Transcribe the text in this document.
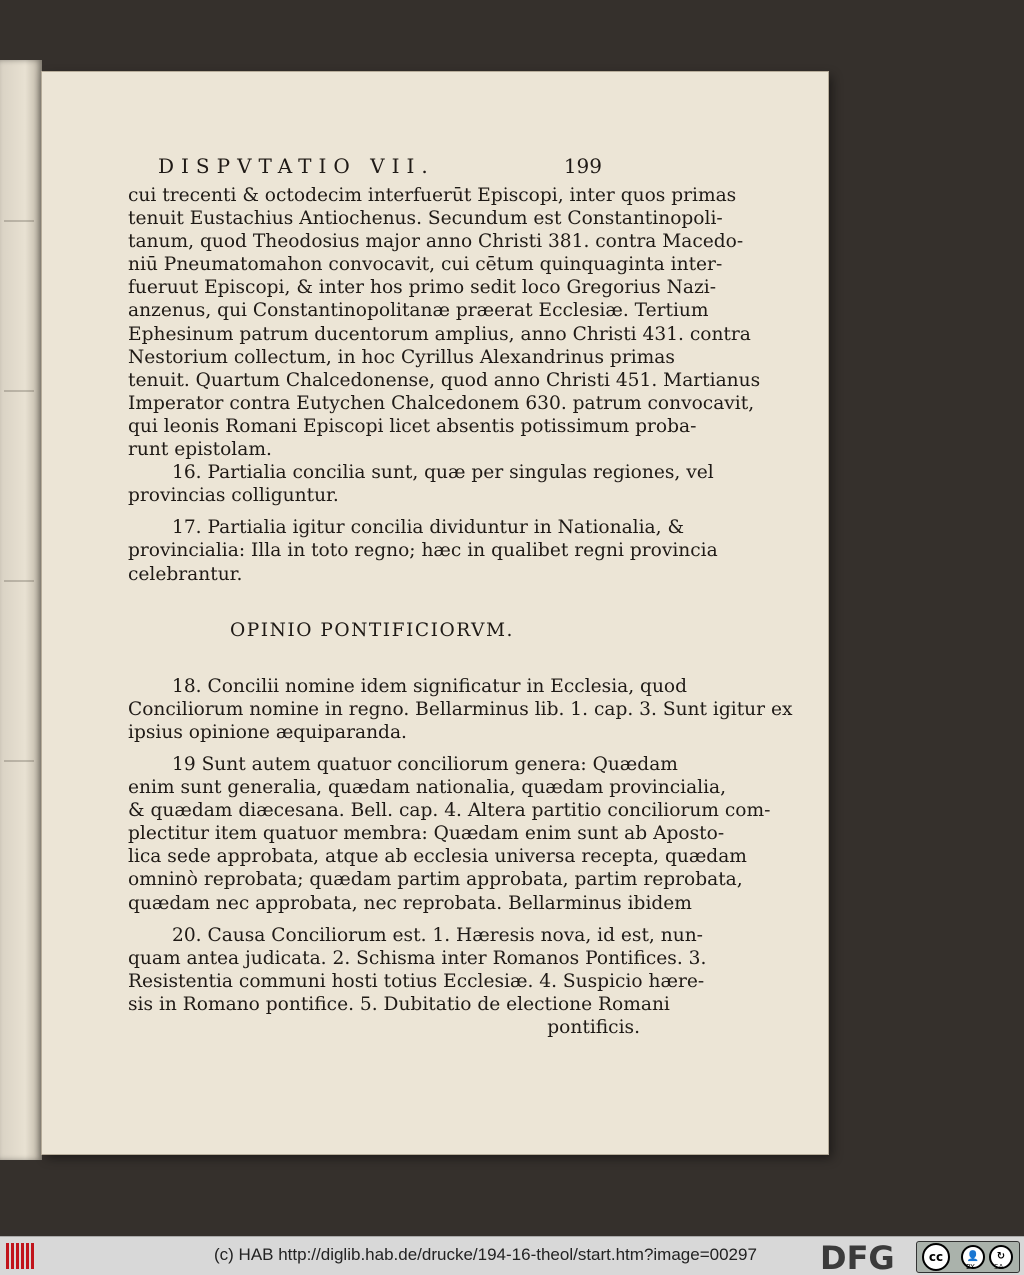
DISPVTATIO VII.	199
cui trecenti & octodecim interfuerūt Episcopi, inter quos primas
tenuit Eustachius Antiochenus. Secundum est Constantinopoli-
tanum, quod Theodosius major anno Christi 381. contra Macedo-
niū Pneumatomahon convocavit, cui cētum quinquaginta inter-
fueruut Episcopi, & inter hos primo sedit loco Gregorius Nazi-
anzenus, qui Constantinopolitanæ præerat Ecclesiæ. Tertium
Ephesinum patrum ducentorum amplius, anno Christi 431. contra
Nestorium collectum, in hoc Cyrillus Alexandrinus primas
tenuit. Quartum Chalcedonense, quod anno Christi 451. Martianus
Imperator contra Eutychen Chalcedonem 630. patrum convocavit,
qui leonis Romani Episcopi licet absentis potissimum proba-
runt epistolam.
16. Partialia concilia sunt, quæ per singulas regiones, vel
provincias colliguntur.
17. Partialia igitur concilia dividuntur in Nationalia, &
provincialia: Illa in toto regno; hæc in qualibet regni provincia
celebrantur.
OPINIO PONTIFICIORVM.
18. Concilii nomine idem significatur in Ecclesia, quod
Conciliorum nomine in regno. Bellarminus lib. 1. cap. 3. Sunt igitur ex
ipsius opinione æquiparanda.
19 Sunt autem quatuor conciliorum genera: Quædam
enim sunt generalia, quædam nationalia, quædam provincialia,
& quædam diæcesana. Bell. cap. 4. Altera partitio conciliorum com-
plectitur item quatuor membra: Quædam enim sunt ab Aposto-
lica sede approbata, atque ab ecclesia universa recepta, quædam
omninò reprobata; quædam partim approbata, partim reprobata,
quædam nec approbata, nec reprobata. Bellarminus ibidem
20. Causa Conciliorum est. 1. Hæresis nova, id est, nun-
quam antea judicata. 2. Schisma inter Romanos Pontifices. 3.
Resistentia communi hosti totius Ecclesiæ. 4. Suspicio hære-
sis in Romano pontifice. 5. Dubitatio de electione Romani
pontificis.
(c) HAB http://diglib.hab.de/drucke/194-16-theol/start.htm?image=00297 DFG	cc	👤	↻
BY	SA
